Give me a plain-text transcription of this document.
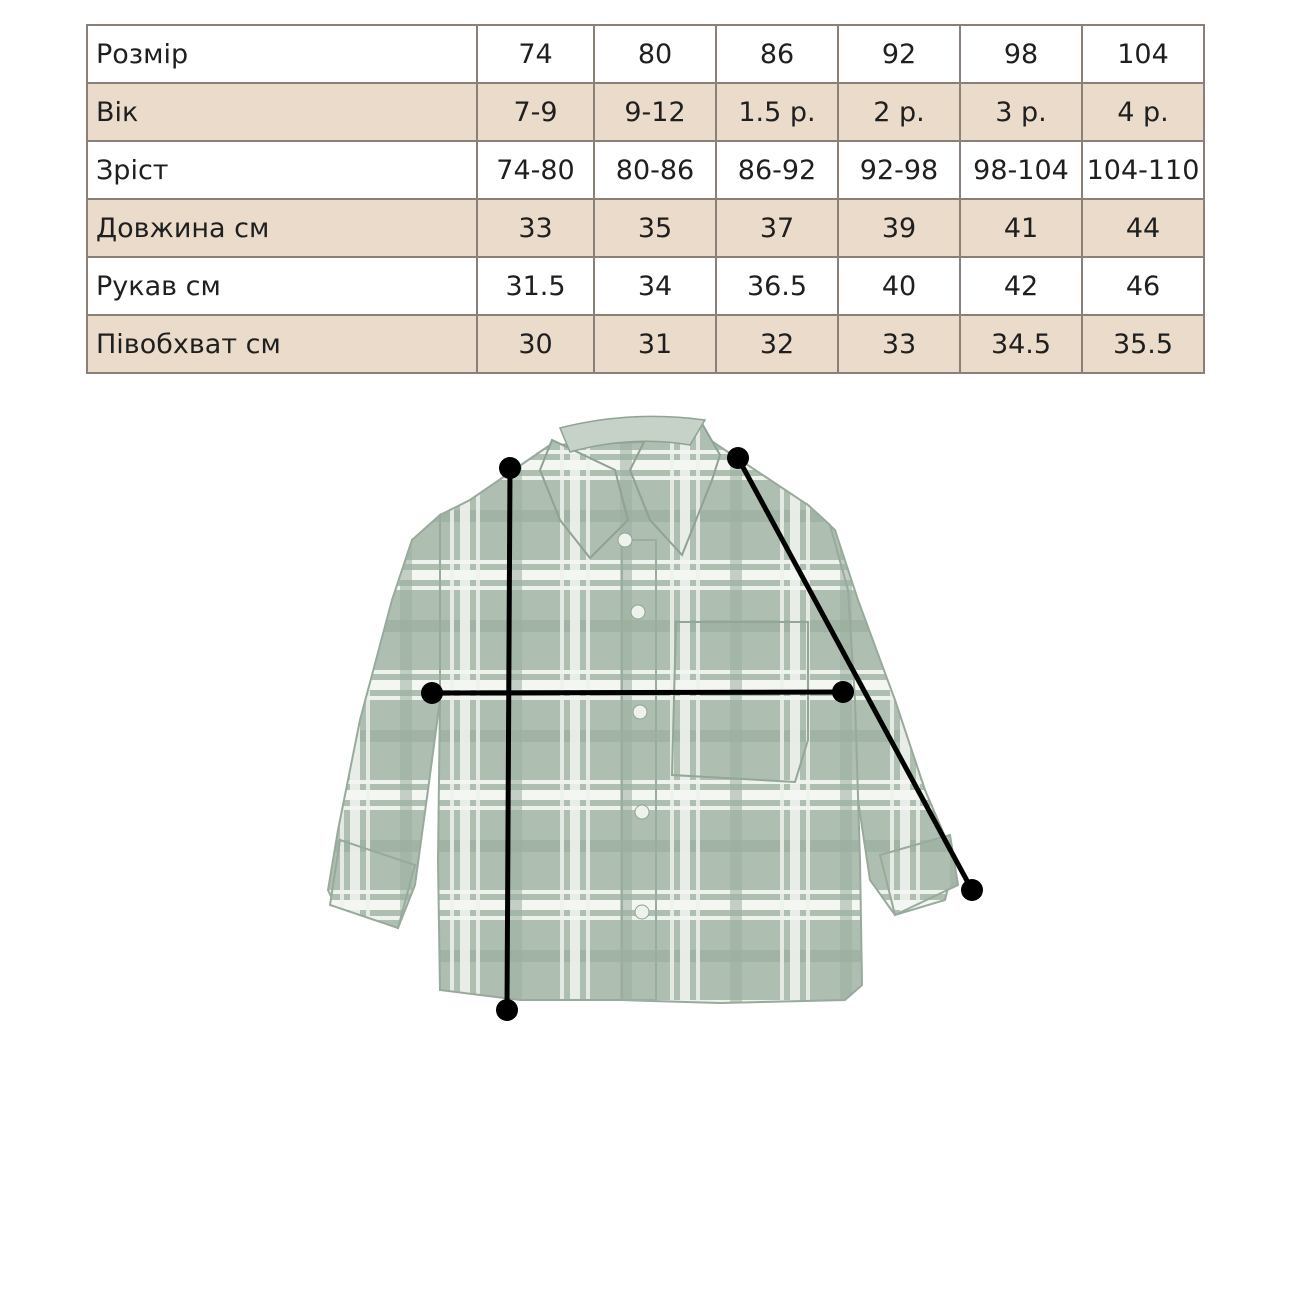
Розмір	74	80	86	92	98	104
Вік	7-9	9-12	1.5 р.	2 р.	3 р.	4 р.
Зріст	74-80	80-86	86-92	92-98	98-104	104-110
Довжина см	33	35	37	39	41	44
Рукав см	31.5	34	36.5	40	42	46
Півобхват см	30	31	32	33	34.5	35.5
